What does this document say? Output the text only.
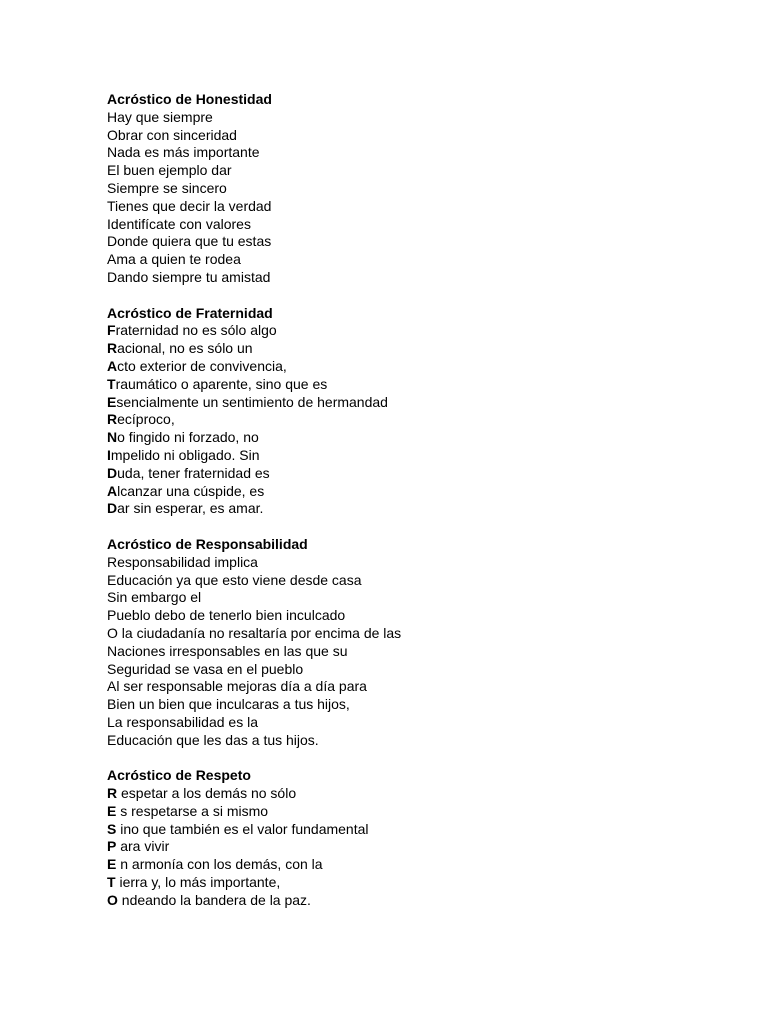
Acróstico de Honestidad
Hay que siempre
Obrar con sinceridad
Nada es más importante
El buen ejemplo dar
Siempre se sincero
Tienes que decir la verdad
Identifícate con valores
Donde quiera que tu estas
Ama a quien te rodea
Dando siempre tu amistad
Acróstico de Fraternidad
Fraternidad no es sólo algo
Racional, no es sólo un
Acto exterior de convivencia,
Traumático o aparente, sino que es
Esencialmente un sentimiento de hermandad
Recíproco,
No fingido ni forzado, no
Impelido ni obligado. Sin
Duda, tener fraternidad es
Alcanzar una cúspide, es
Dar sin esperar, es amar.
Acróstico de Responsabilidad
Responsabilidad implica
Educación ya que esto viene desde casa
Sin embargo el
Pueblo debo de tenerlo bien inculcado
O la ciudadanía no resaltaría por encima de las
Naciones irresponsables en las que su
Seguridad se vasa en el pueblo
Al ser responsable mejoras día a día para
Bien un bien que inculcaras a tus hijos,
La responsabilidad es la
Educación que les das a tus hijos.
Acróstico de Respeto
R espetar a los demás no sólo
E s respetarse a si mismo
S ino que también es el valor fundamental
P ara vivir
E n armonía con los demás, con la
T ierra y, lo más importante,
O ndeando la bandera de la paz.
